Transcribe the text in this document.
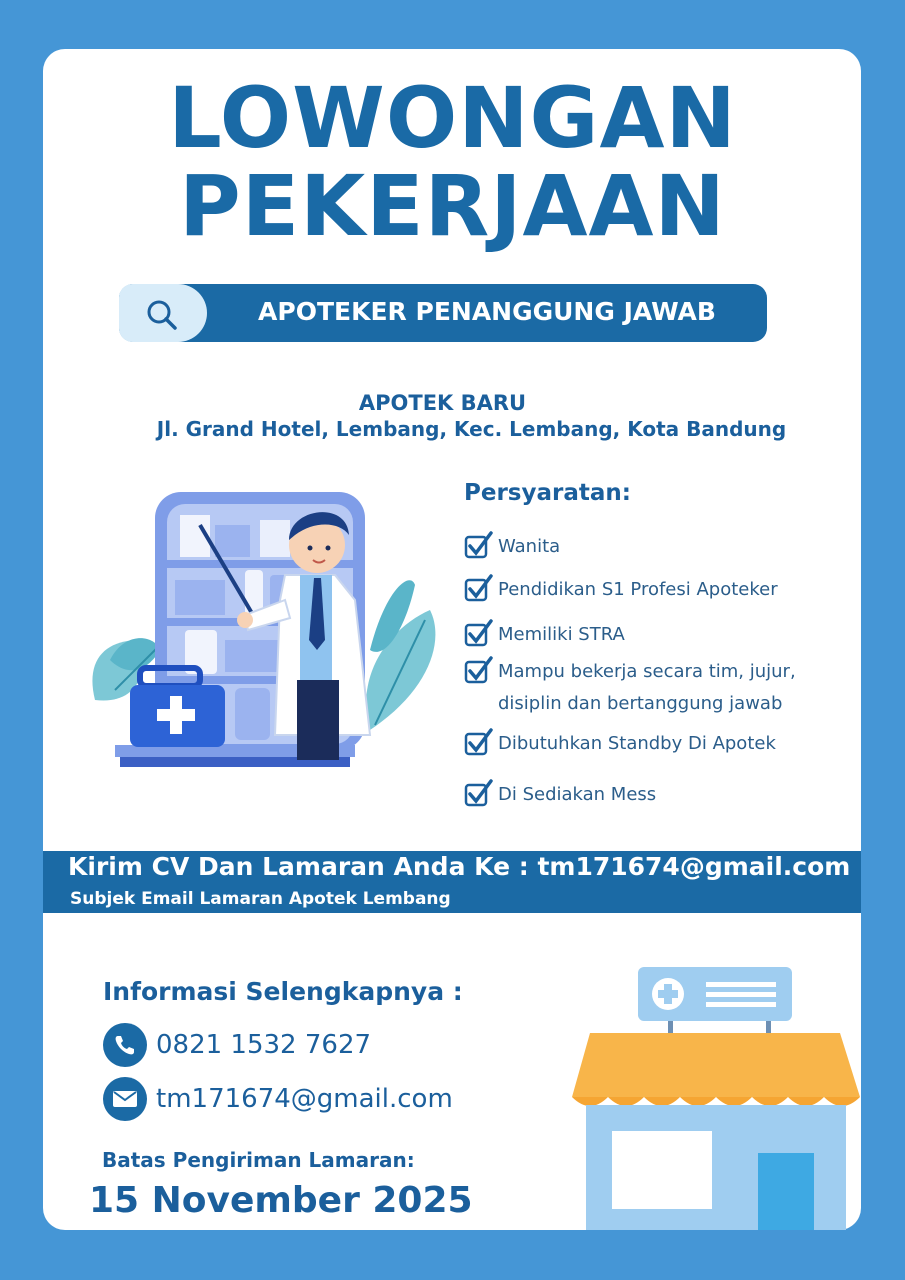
LOWONGAN
PEKERJAAN
APOTEKER PENANGGUNG JAWAB
APOTEK BARU
Jl. Grand Hotel, Lembang, Kec. Lembang, Kota Bandung
Persyaratan:
Wanita
Pendidikan S1 Profesi Apoteker
Memiliki STRA
Mampu bekerja secara tim, jujur,
disiplin dan bertanggung jawab
Dibutuhkan Standby Di Apotek
Di Sediakan Mess
Kirim CV Dan Lamaran Anda Ke : tm171674@gmail.com
Subjek Email Lamaran Apotek Lembang
Informasi Selengkapnya :
0821 1532 7627
tm171674@gmail.com
Batas Pengiriman Lamaran:
15 November 2025
